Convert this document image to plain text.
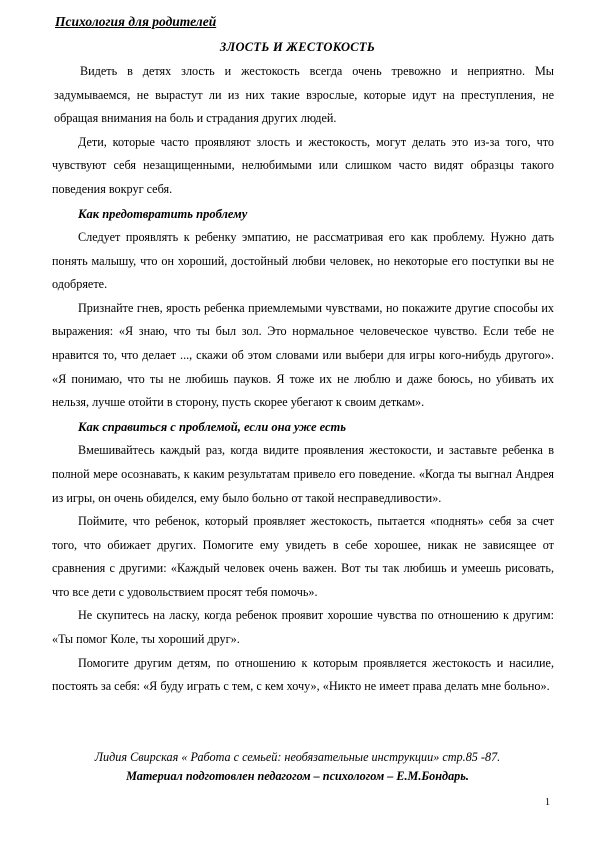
Психология для родителей
ЗЛОСТЬ И ЖЕСТОКОСТЬ

Видеть в детях злость и жестокость всегда очень тревожно и неприятно. Мы задумываемся, не вырастут ли из них такие взрослые, которые идут на преступления, не обращая внимания на боль и страдания других людей.

Дети, которые часто проявляют злость и жестокость, могут делать это из-за того, что чувствуют себя незащищенными, нелюбимыми или слишком часто видят образцы такого поведения вокруг себя.

Как предотвратить проблему

Следует проявлять к ребенку эмпатию, не рассматривая его как проблему. Нужно дать понять малышу, что он хороший, достойный любви человек, но некоторые его поступки вы не одобряете.

Признайте гнев, ярость ребенка приемлемыми чувствами, но покажите другие способы их выражения: «Я знаю, что ты был зол. Это нормальное человеческое чувство. Если тебе не нравится то, что делает ..., скажи об этом словами или выбери для игры кого-нибудь другого». «Я понимаю, что ты не любишь пауков. Я тоже их не люблю и даже боюсь, но убивать их нельзя, лучше отойти в сторону, пусть скорее убегают к своим деткам».

Как справиться с проблемой, если она уже есть

Вмешивайтесь каждый раз, когда видите проявления жестокости, и заставьте ребенка в полной мере осознавать, к каким результатам привело его поведение. «Когда ты выгнал Андрея из игры, он очень обиделся, ему было больно от такой несправедливости».

Поймите, что ребенок, который проявляет жестокость, пытается «поднять» себя за счет того, что обижает других. Помогите ему увидеть в себе хорошее, никак не зависящее от сравнения с другими: «Каждый человек очень важен. Вот ты так любишь и умеешь рисовать, что все дети с удовольствием просят тебя помочь».

Не скупитесь на ласку, когда ребенок проявит хорошие чувства по отношению к другим: «Ты помог Коле, ты хороший друг».

Помогите другим детям, по отношению к которым проявляется жестокость и насилие, постоять за себя: «Я буду играть с тем, с кем хочу», «Никто не имеет права делать мне больно».

Лидия Свирская « Работа с семьей: необязательные инструкции» стр.85 -87.
Материал подготовлен педагогом – психологом – Е.М.Бондарь.
1
